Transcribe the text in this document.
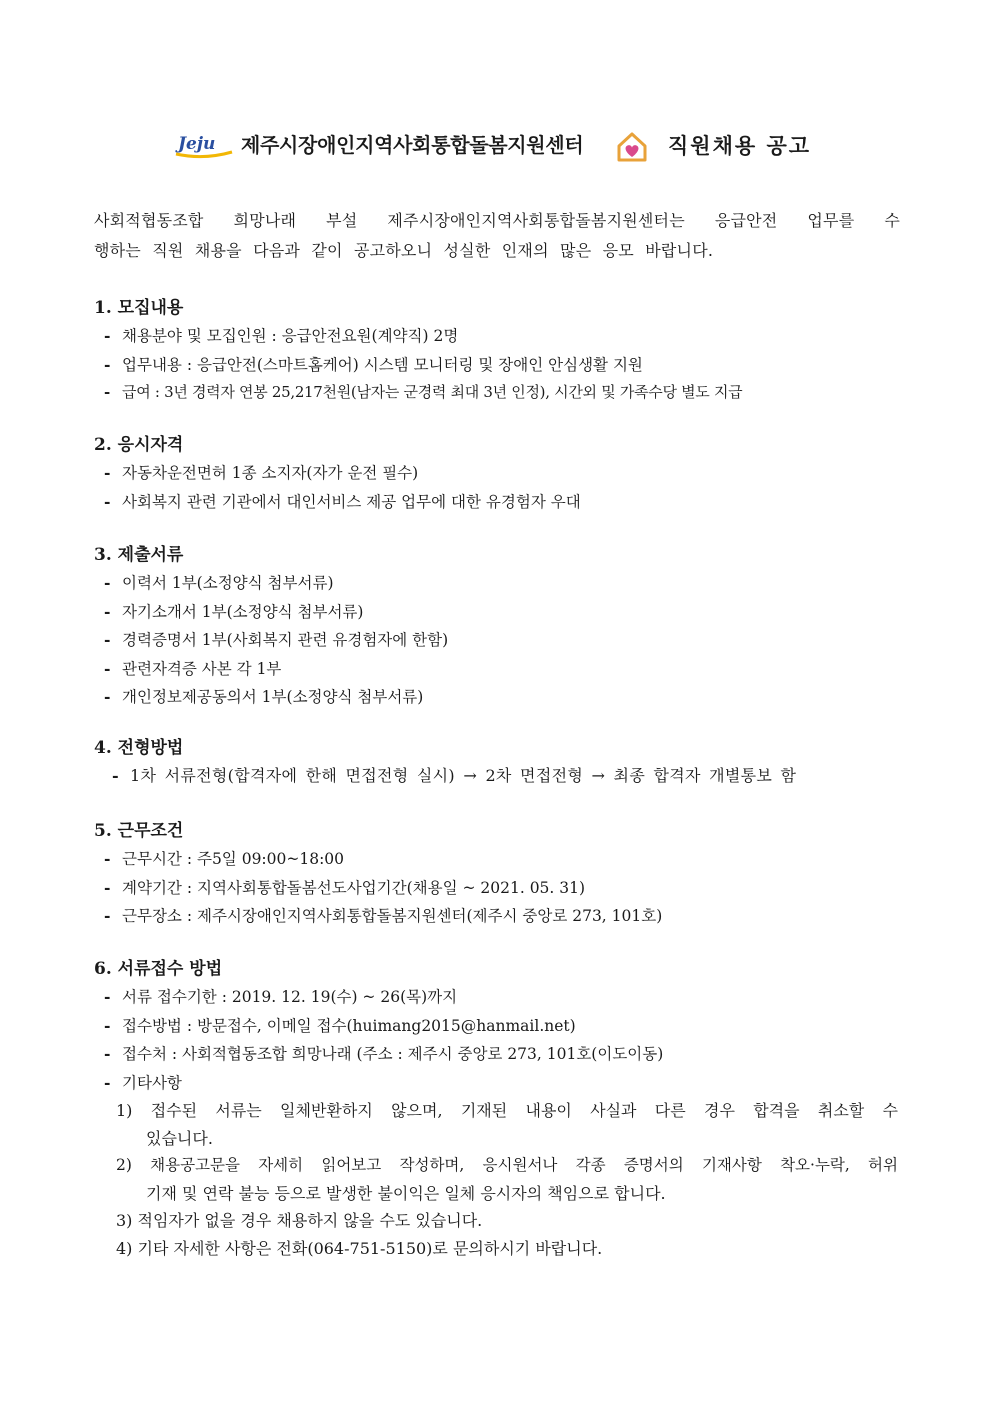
Jeju 제주시장애인지역사회통합돌봄지원센터	직원채용 공고

사회적협동조합 희망나래 부설 제주시장애인지역사회통합돌봄지원센터는 응급안전 업무를 수

행하는 직원 채용을 다음과 같이 공고하오니 성실한 인재의 많은 응모 바랍니다.

1. 모집내용

- 채용분야 및 모집인원 : 응급안전요원(계약직) 2명

- 업무내용 : 응급안전(스마트홈케어) 시스템 모니터링 및 장애인 안심생활 지원

- 급여 : 3년 경력자 연봉 25,217천원(남자는 군경력 최대 3년 인정), 시간외 및 가족수당 별도 지급

2. 응시자격

- 자동차운전면허 1종 소지자(자가 운전 필수)

- 사회복지 관련 기관에서 대인서비스 제공 업무에 대한 유경험자 우대

3. 제출서류

- 이력서 1부(소정양식 첨부서류)

- 자기소개서 1부(소정양식 첨부서류)

- 경력증명서 1부(사회복지 관련 유경험자에 한함)

- 관련자격증 사본 각 1부

- 개인정보제공동의서 1부(소정양식 첨부서류)

4. 전형방법

- 1차 서류전형(합격자에 한해 면접전형 실시) → 2차 면접전형 → 최종 합격자 개별통보 함

5. 근무조건

- 근무시간 : 주5일 09:00~18:00

- 계약기간 : 지역사회통합돌봄선도사업기간(채용일 ~ 2021. 05. 31)

- 근무장소 : 제주시장애인지역사회통합돌봄지원센터(제주시 중앙로 273, 101호)

6. 서류접수 방법

- 서류 접수기한 : 2019. 12. 19(수) ~ 26(목)까지

- 접수방법 : 방문접수, 이메일 접수(huimang2015@hanmail.net)

- 접수처 : 사회적협동조합 희망나래 (주소 : 제주시 중앙로 273, 101호(이도이동)

- 기타사항

1) 접수된 서류는 일체반환하지 않으며, 기재된 내용이 사실과 다른 경우 합격을 취소할 수

있습니다.

2) 채용공고문을 자세히 읽어보고 작성하며, 응시원서나 각종 증명서의 기재사항 착오·누락, 허위

기재 및 연락 불능 등으로 발생한 불이익은 일체 응시자의 책임으로 합니다.

3) 적임자가 없을 경우 채용하지 않을 수도 있습니다.

4) 기타 자세한 사항은 전화(064-751-5150)로 문의하시기 바랍니다.
